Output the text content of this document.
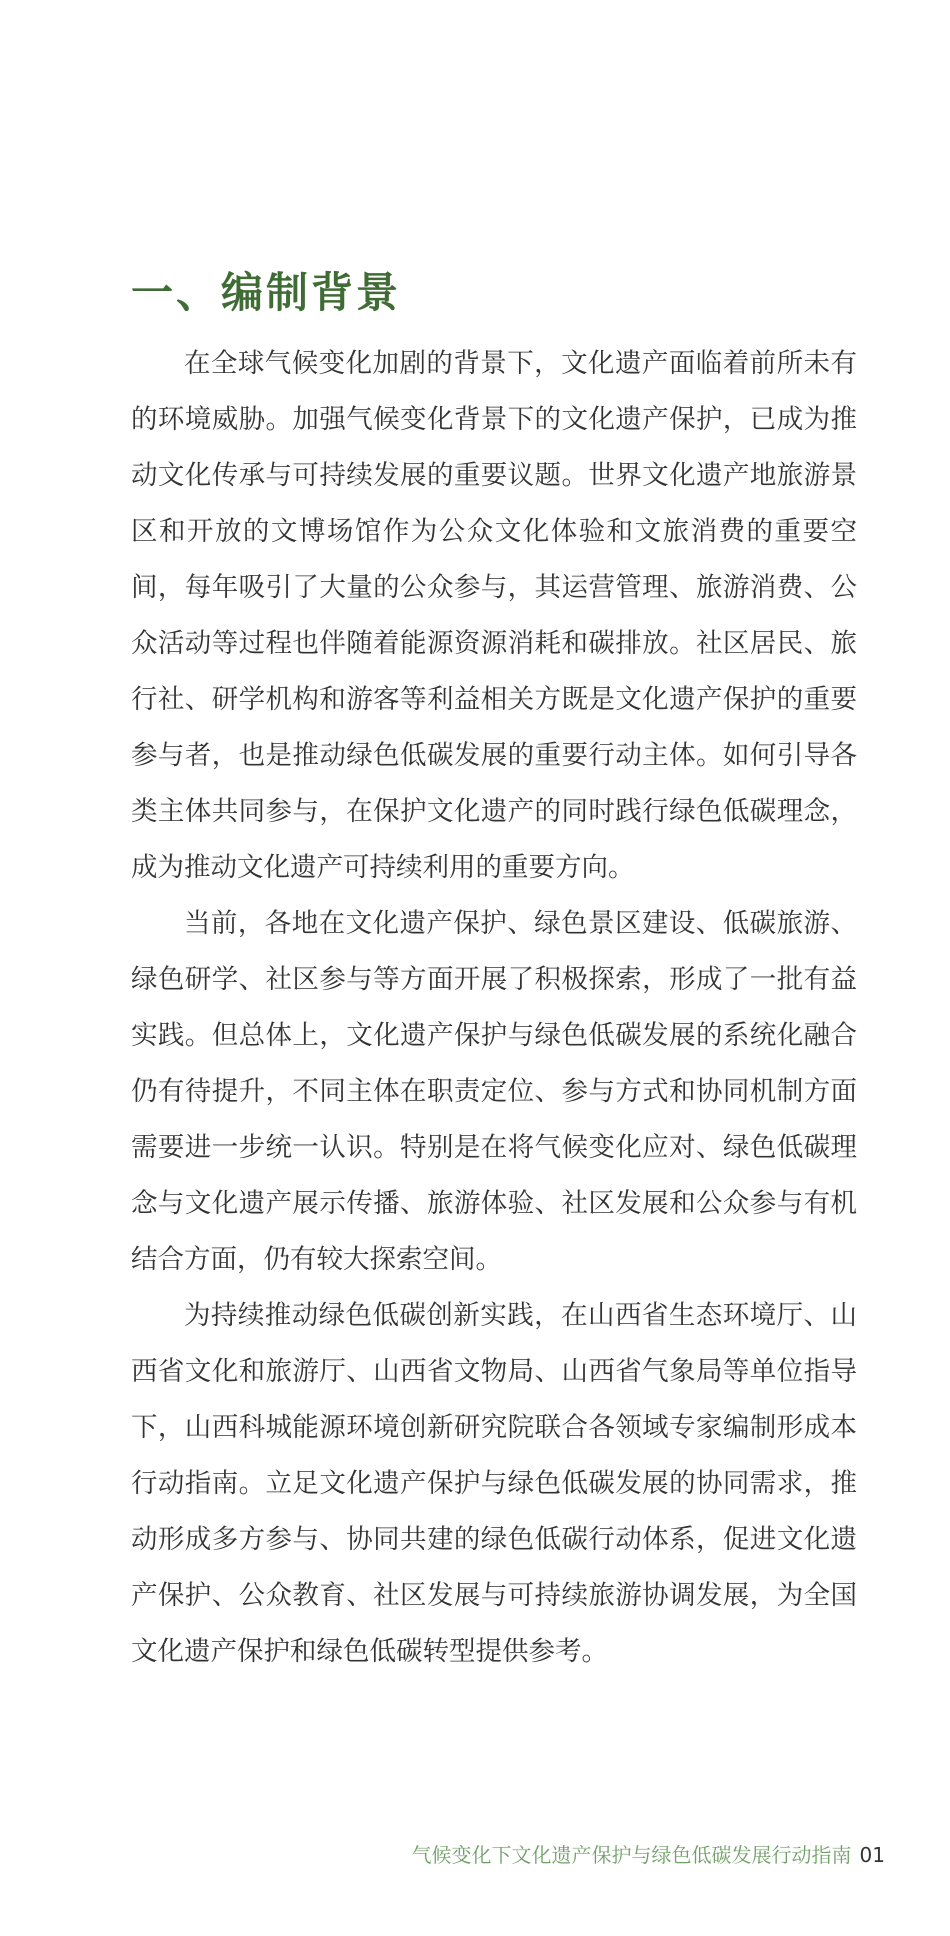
一、编制背景

在全球气候变化加剧的背景下，文化遗产面临着前所未有的环境威胁。加强气候变化背景下的文化遗产保护，已成为推动文化传承与可持续发展的重要议题。世界文化遗产地旅游景区和开放的文博场馆作为公众文化体验和文旅消费的重要空间，每年吸引了大量的公众参与，其运营管理、旅游消费、公众活动等过程也伴随着能源资源消耗和碳排放。社区居民、旅行社、研学机构和游客等利益相关方既是文化遗产保护的重要参与者，也是推动绿色低碳发展的重要行动主体。如何引导各类主体共同参与，在保护文化遗产的同时践行绿色低碳理念，成为推动文化遗产可持续利用的重要方向。

当前，各地在文化遗产保护、绿色景区建设、低碳旅游、绿色研学、社区参与等方面开展了积极探索，形成了一批有益实践。但总体上，文化遗产保护与绿色低碳发展的系统化融合仍有待提升，不同主体在职责定位、参与方式和协同机制方面需要进一步统一认识。特别是在将气候变化应对、绿色低碳理念与文化遗产展示传播、旅游体验、社区发展和公众参与有机结合方面，仍有较大探索空间。

为持续推动绿色低碳创新实践，在山西省生态环境厅、山西省文化和旅游厅、山西省文物局、山西省气象局等单位指导下，山西科城能源环境创新研究院联合各领域专家编制形成本行动指南。立足文化遗产保护与绿色低碳发展的协同需求，推动形成多方参与、协同共建的绿色低碳行动体系，促进文化遗产保护、公众教育、社区发展与可持续旅游协调发展，为全国文化遗产保护和绿色低碳转型提供参考。

气候变化下文化遗产保护与绿色低碳发展行动指南 01
